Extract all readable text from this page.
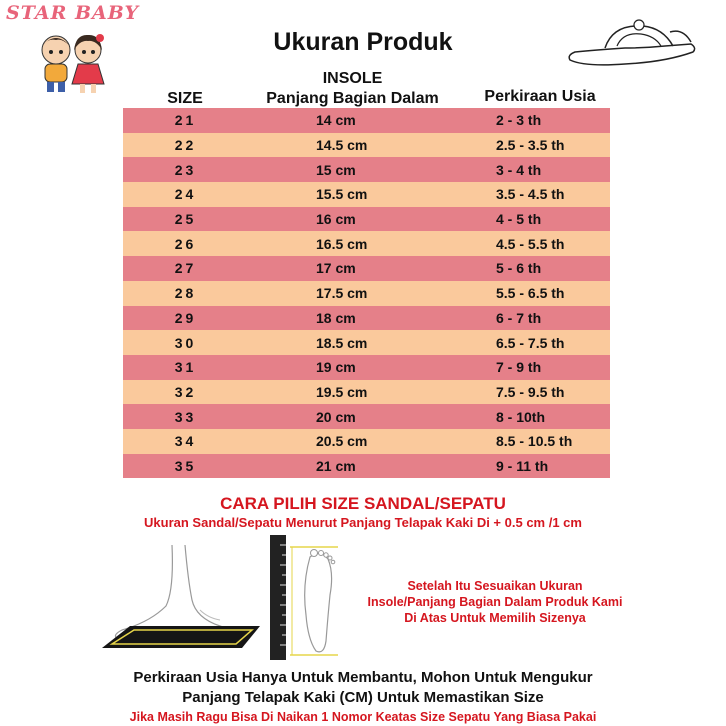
STAR BABY
Ukuran Produk
SIZE
INSOLE
Panjang Bagian Dalam	Perkiraan Usia
21	14 cm	2 - 3 th
22	14.5 cm	2.5 - 3.5 th
23	15 cm	3 - 4 th
24	15.5 cm	3.5 - 4.5 th
25	16 cm	4 - 5 th
26	16.5 cm	4.5 - 5.5 th
27	17 cm	5 - 6 th
28	17.5 cm	5.5 - 6.5 th
29	18 cm	6 - 7 th
30	18.5 cm	6.5 - 7.5 th
31	19 cm	7 - 9 th
32	19.5 cm	7.5 - 9.5 th
33	20 cm	8 - 10th
34	20.5 cm	8.5 - 10.5 th
35	21 cm	9 - 11 th
CARA PILIH SIZE SANDAL/SEPATU
Ukuran Sandal/Sepatu Menurut Panjang Telapak Kaki Di + 0.5 cm /1 cm
Setelah Itu Sesuaikan Ukuran
Insole/Panjang Bagian Dalam Produk Kami
Di Atas Untuk Memilih Sizenya
Perkiraan Usia Hanya Untuk Membantu, Mohon Untuk Mengukur
Panjang Telapak Kaki (CM) Untuk Memastikan Size
Jika Masih Ragu Bisa Di Naikan 1 Nomor Keatas Size Sepatu Yang Biasa Pakai
